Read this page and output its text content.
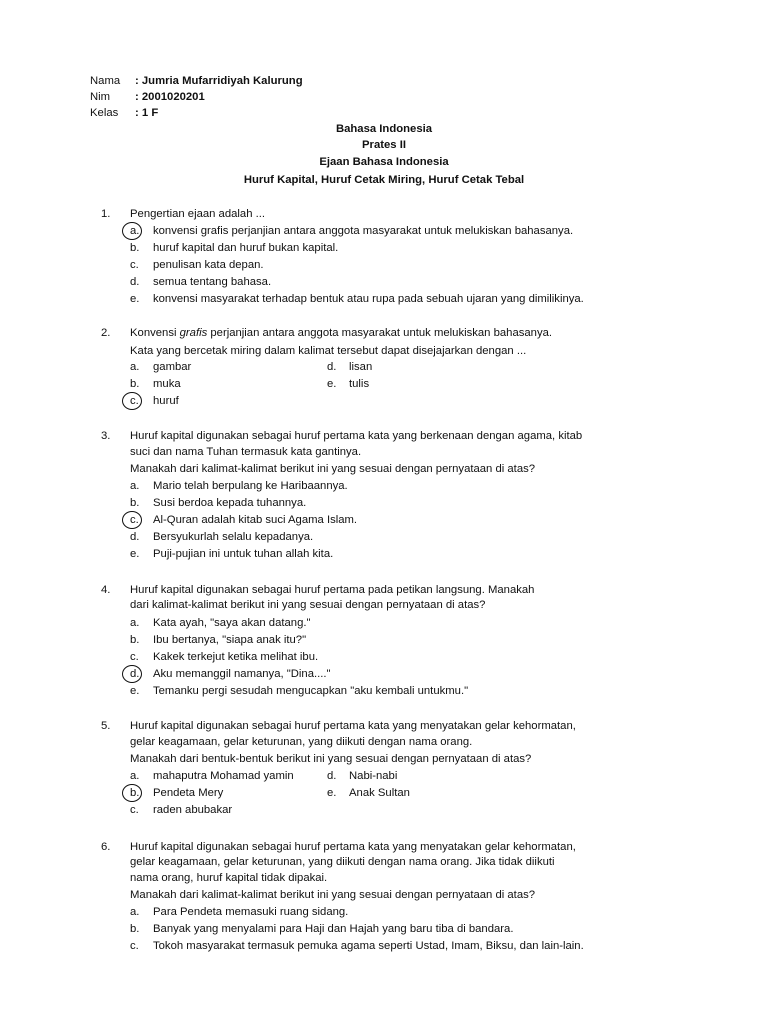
Nama : Jumria Mufarridiyah Kalurung
Nim : 2001020201
Kelas : 1 F
Bahasa Indonesia
Prates II
Ejaan Bahasa Indonesia
Huruf Kapital, Huruf Cetak Miring, Huruf Cetak Tebal
1. Pengertian ejaan adalah ...
a. konvensi grafis perjanjian antara anggota masyarakat untuk melukiskan bahasanya.
b. huruf kapital dan huruf bukan kapital.
c. penulisan kata depan.
d. semua tentang bahasa.
e. konvensi masyarakat terhadap bentuk atau rupa pada sebuah ujaran yang dimilikinya.
2. Konvensi grafis perjanjian antara anggota masyarakat untuk melukiskan bahasanya.
Kata yang bercetak miring dalam kalimat tersebut dapat disejajarkan dengan ...
a. gambar	d. lisan
b. muka	e. tulis
c. huruf
3. Huruf kapital digunakan sebagai huruf pertama kata yang berkenaan dengan agama, kitab
suci dan nama Tuhan termasuk kata gantinya.
Manakah dari kalimat-kalimat berikut ini yang sesuai dengan pernyataan di atas?
a. Mario telah berpulang ke Haribaannya.
b. Susi berdoa kepada tuhannya.
c. Al-Quran adalah kitab suci Agama Islam.
d. Bersyukurlah selalu kepadanya.
e. Puji-pujian ini untuk tuhan allah kita.
4. Huruf kapital digunakan sebagai huruf pertama pada petikan langsung. Manakah
dari kalimat-kalimat berikut ini yang sesuai dengan pernyataan di atas?
a. Kata ayah, "saya akan datang."
b. Ibu bertanya, "siapa anak itu?"
c. Kakek terkejut ketika melihat ibu.
d. Aku memanggil namanya, "Dina...."
e. Temanku pergi sesudah mengucapkan "aku kembali untukmu."
5. Huruf kapital digunakan sebagai huruf pertama kata yang menyatakan gelar kehormatan,
gelar keagamaan, gelar keturunan, yang diikuti dengan nama orang.
Manakah dari bentuk-bentuk berikut ini yang sesuai dengan pernyataan di atas?
a. mahaputra Mohamad yamin	d. Nabi-nabi
b. Pendeta Mery	e. Anak Sultan
c. raden abubakar
6. Huruf kapital digunakan sebagai huruf pertama kata yang menyatakan gelar kehormatan,
gelar keagamaan, gelar keturunan, yang diikuti dengan nama orang. Jika tidak diikuti
nama orang, huruf kapital tidak dipakai.
Manakah dari kalimat-kalimat berikut ini yang sesuai dengan pernyataan di atas?
a. Para Pendeta memasuki ruang sidang.
b. Banyak yang menyalami para Haji dan Hajah yang baru tiba di bandara.
c. Tokoh masyarakat termasuk pemuka agama seperti Ustad, Imam, Biksu, dan lain-lain.
